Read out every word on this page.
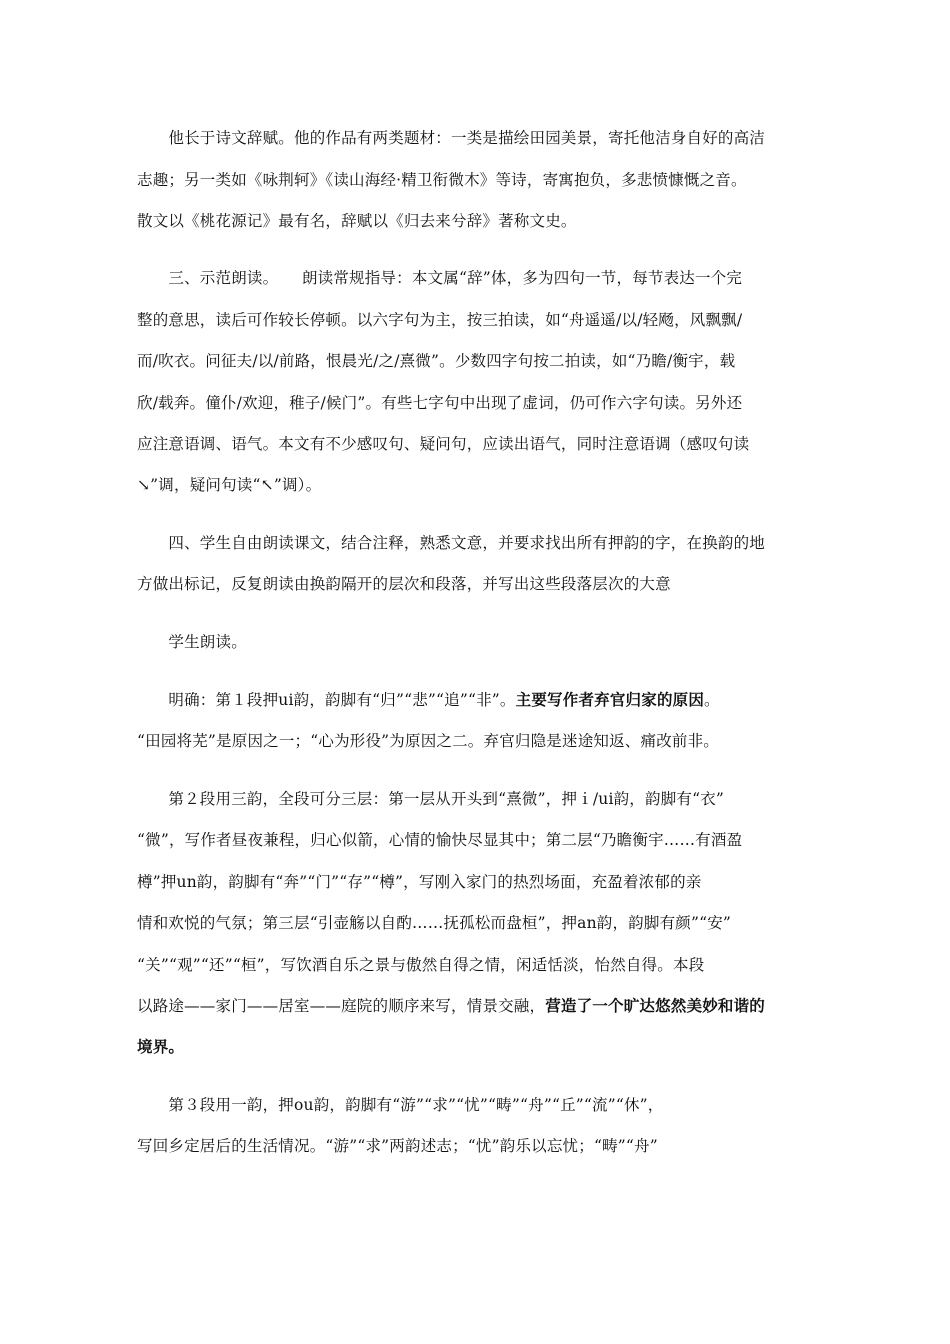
　　他长于诗文辞赋。他的作品有两类题材：一类是描绘田园美景，寄托他洁身自好的高洁
志趣；另一类如《咏荆轲》《读山海经·精卫衔微木》等诗，寄寓抱负，多悲愤慷慨之音。
散文以《桃花源记》最有名，辞赋以《归去来兮辞》著称文史。
　　三、示范朗读。　　朗读常规指导：本文属“辞”体，多为四句一节，每节表达一个完
整的意思，读后可作较长停顿。以六字句为主，按三拍读，如“舟遥遥/以/轻飏，风飘飘/
而/吹衣。问征夫/以/前路，恨晨光/之/熹微”。少数四字句按二拍读，如“乃瞻/衡宇，载
欣/载奔。僮仆/欢迎，稚子/候门”。有些七字句中出现了虚词，仍可作六字句读。另外还
应注意语调、语气。本文有不少感叹句、疑问句，应读出语气，同时注意语调（感叹句读
↘”调，疑问句读“↖”调）。
　　四、学生自由朗读课文，结合注释，熟悉文意，并要求找出所有押韵的字，在换韵的地
方做出标记，反复朗读由换韵隔开的层次和段落，并写出这些段落层次的大意
　　学生朗读。
　　明确：第１段押ui韵，韵脚有“归”“悲”“追”“非”。主要写作者弃官归家的原因。
“田园将芜”是原因之一；“心为形役”为原因之二。弃官归隐是迷途知返、痛改前非。
　　第２段用三韵，全段可分三层：第一层从开头到“熹微”，押ｉ/ui韵，韵脚有“衣”
“微”，写作者昼夜兼程，归心似箭，心情的愉快尽显其中；第二层“乃瞻衡宇……有酒盈
樽”押un韵，韵脚有“奔”“门”“存”“樽”，写刚入家门的热烈场面，充盈着浓郁的亲
情和欢悦的气氛；第三层“引壶觞以自酌……抚孤松而盘桓”，押an韵，韵脚有颜”“安”
“关”“观”“还”“桓”，写饮酒自乐之景与傲然自得之情，闲适恬淡，怡然自得。本段
以路途——家门——居室——庭院的顺序来写，情景交融，营造了一个旷达悠然美妙和谐的
境界。
　　第３段用一韵，押ou韵，韵脚有“游”“求”“忧”“畴”“舟”“丘”“流”“休”，
写回乡定居后的生活情况。“游”“求”两韵述志；“忧”韵乐以忘忧；“畴”“舟”
